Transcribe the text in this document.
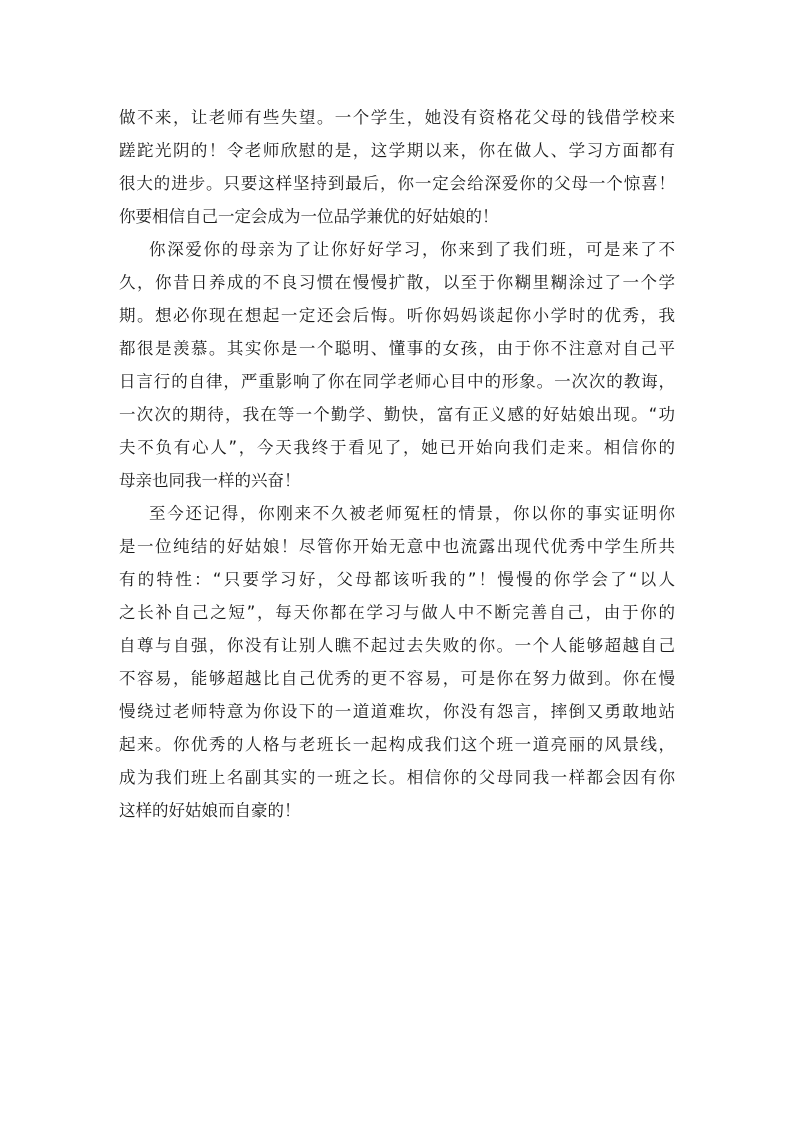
做不来，让老师有些失望。一个学生，她没有资格花父母的钱借学校来
蹉跎光阴的！令老师欣慰的是，这学期以来，你在做人、学习方面都有
很大的进步。只要这样坚持到最后，你一定会给深爱你的父母一个惊喜！
你要相信自己一定会成为一位品学兼优的好姑娘的！
你深爱你的母亲为了让你好好学习，你来到了我们班，可是来了不
久，你昔日养成的不良习惯在慢慢扩散，以至于你糊里糊涂过了一个学
期。想必你现在想起一定还会后悔。听你妈妈谈起你小学时的优秀，我
都很是羡慕。其实你是一个聪明、懂事的女孩，由于你不注意对自己平
日言行的自律，严重影响了你在同学老师心目中的形象。一次次的教诲，
一次次的期待，我在等一个勤学、勤快，富有正义感的好姑娘出现。“功
夫不负有心人”，今天我终于看见了，她已开始向我们走来。相信你的
母亲也同我一样的兴奋！
至今还记得，你刚来不久被老师冤枉的情景，你以你的事实证明你
是一位纯结的好姑娘！尽管你开始无意中也流露出现代优秀中学生所共
有的特性：“只要学习好，父母都该听我的”！慢慢的你学会了“以人
之长补自己之短”，每天你都在学习与做人中不断完善自己，由于你的
自尊与自强，你没有让别人瞧不起过去失败的你。一个人能够超越自己
不容易，能够超越比自己优秀的更不容易，可是你在努力做到。你在慢
慢绕过老师特意为你设下的一道道难坎，你没有怨言，摔倒又勇敢地站
起来。你优秀的人格与老班长一起构成我们这个班一道亮丽的风景线，
成为我们班上名副其实的一班之长。相信你的父母同我一样都会因有你
这样的好姑娘而自豪的！
